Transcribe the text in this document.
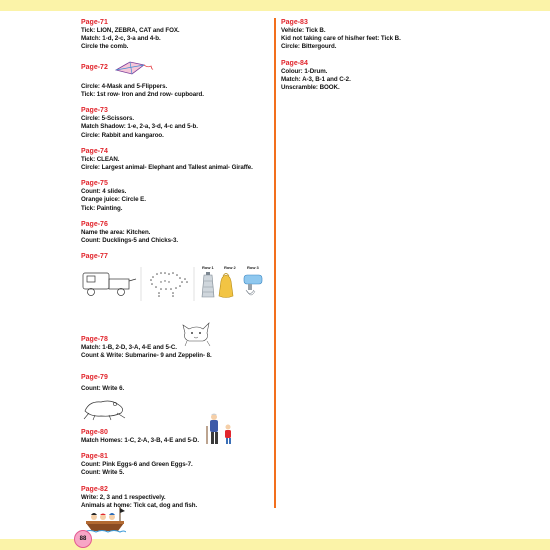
Page-71
Tick: LION, ZEBRA, CAT and FOX.
Match: 1-d, 2-c, 3-a and 4-b.
Circle the comb.
Page-72
Circle: 4-Mask and 5-Flippers.
Tick: 1st row- Iron and 2nd row- cupboard.
Page-73
Circle: 5-Scissors.
Match Shadow: 1-e, 2-a, 3-d, 4-c and 5-b.
Circle: Rabbit and kangaroo.
Page-74
Tick: CLEAN.
Circle: Largest animal- Elephant and Tallest animal- Giraffe.
Page-75
Count: 4 slides.
Orange juice: Circle E.
Tick: Painting.
Page-76
Name the area: Kitchen.
Count: Ducklings-5 and Chicks-3.
Page-77
Row 1	Row 2	Row 3
Page-78
Match: 1-B, 2-D, 3-A, 4-E and 5-C.
Count & Write: Submarine- 9 and Zeppelin- 8.
Page-79
Count: Write 6.
Page-80
Match Homes: 1-C, 2-A, 3-B, 4-E and 5-D.
Page-81
Count: Pink Eggs-6 and Green Eggs-7.
Count: Write 5.
Page-82
Write: 2, 3 and 1 respectively.
Animals at home: Tick cat, dog and fish.
Page-83
Vehicle: Tick B.
Kid not taking care of his/her feet: Tick B.
Circle: Bittergourd.
Page-84
Colour: 1-Drum.
Match: A-3, B-1 and C-2.
Unscramble: BOOK.
88
